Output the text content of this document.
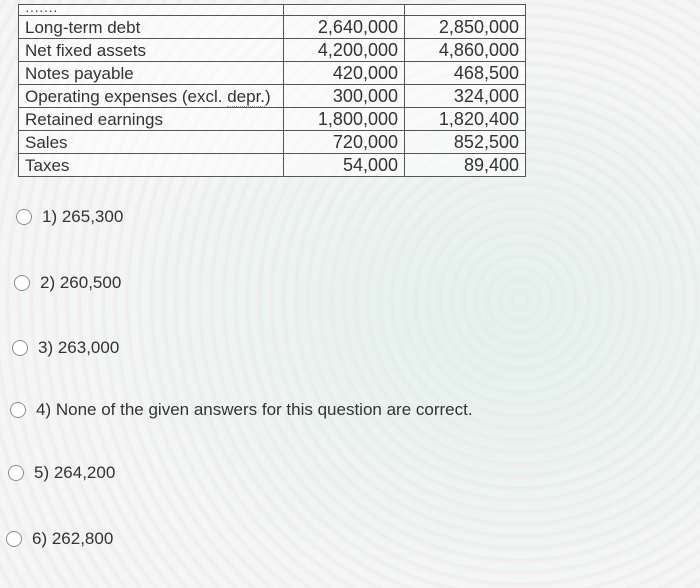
·······		
Long-term debt	2,640,000	2,850,000
Net fixed assets	4,200,000	4,860,000
Notes payable	420,000	468,500
Operating expenses (excl. depr.)	300,000	324,000
Retained earnings	1,800,000	1,820,400
Sales	720,000	852,500
Taxes	54,000	89,400
1) 265,300
2) 260,500
3) 263,000
4) None of the given answers for this question are correct.
5) 264,200
6) 262,800
